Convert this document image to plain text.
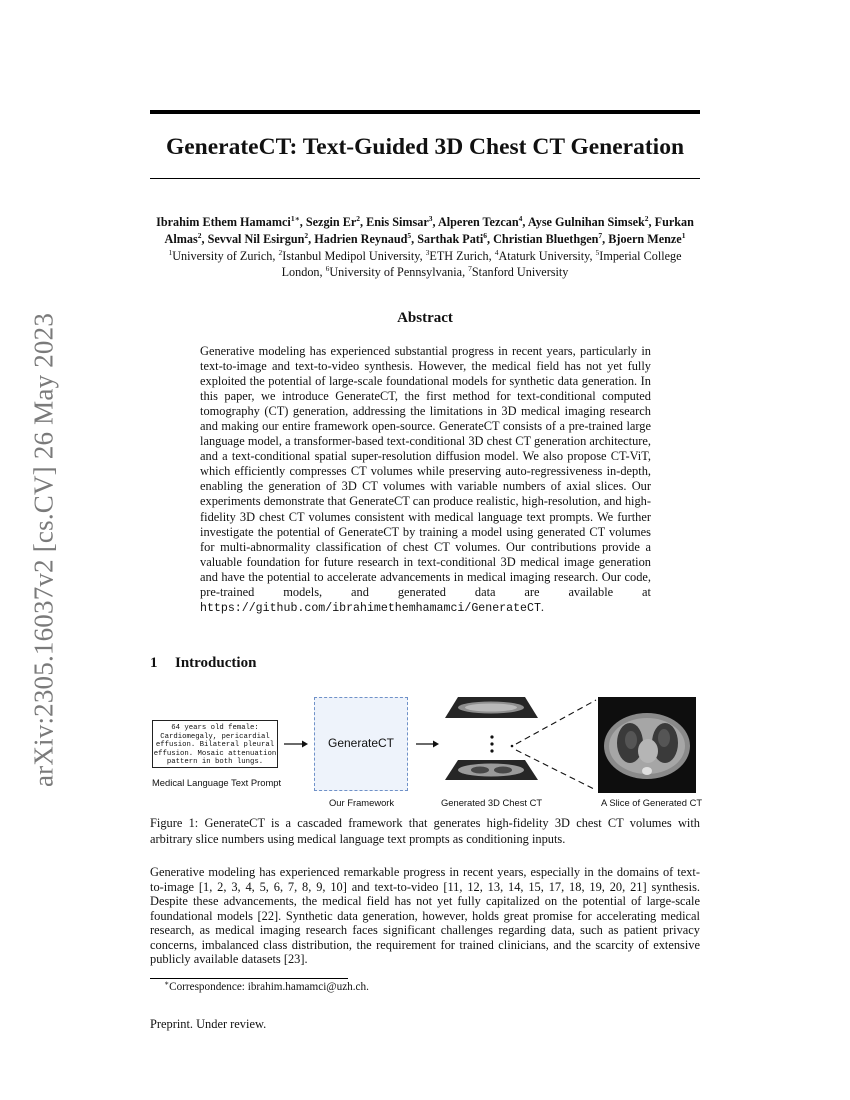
arXiv:2305.16037v2 [cs.CV] 26 May 2023
GenerateCT: Text-Guided 3D Chest CT Generation
Ibrahim Ethem Hamamci$^{1∗}$, Sezgin Er$^2$, Enis Simsar$^3$, Alperen Tezcan$^4$, Ayse Gulnihan Simsek$^2$, Furkan Almas$^2$, Sevval Nil Esirgun$^2$, Hadrien Reynaud$^5$, Sarthak Pati$^6$, Christian Bluethgen$^7$, Bjoern Menze$^1$
$^1$University of Zurich, $^2$Istanbul Medipol University, $^3$ETH Zurich, $^4$Ataturk University, $^5$Imperial College London, $^6$University of Pennsylvania, $^7$Stanford University
Abstract
Generative modeling has experienced substantial progress in recent years, particularly in text-to-image and text-to-video synthesis. However, the medical field has not yet fully exploited the potential of large-scale foundational models for synthetic data generation. In this paper, we introduce GenerateCT, the first method for text-conditional computed tomography (CT) generation, addressing the limitations in 3D medical imaging research and making our entire framework open-source. GenerateCT consists of a pre-trained large language model, a transformer-based text-conditional 3D chest CT generation architecture, and a text-conditional spatial super-resolution diffusion model. We also propose CT-ViT, which efficiently compresses CT volumes while preserving auto-regressiveness in-depth, enabling the generation of 3D CT volumes with variable numbers of axial slices. Our experiments demonstrate that GenerateCT can produce realistic, high-resolution, and high-fidelity 3D chest CT volumes consistent with medical language text prompts. We further investigate the potential of GenerateCT by training a model using generated CT volumes for multi-abnormality classification of chest CT volumes. Our contributions provide a valuable foundation for future research in text-conditional 3D medical image generation and have the potential to accelerate advancements in medical imaging research. Our code, pre-trained models, and generated data are available at https://github.com/ibrahimethemhamamci/GenerateCT.
1 Introduction
64 years old female: Cardiomegaly, pericardial effusion. Bilateral pleural effusion. Mosaic attenuation pattern in both lungs.
Medical Language Text Prompt
GenerateCT
Our Framework	Generated 3D Chest CT	A Slice of Generated CT
Figure 1: GenerateCT is a cascaded framework that generates high-fidelity 3D chest CT volumes with arbitrary slice numbers using medical language text prompts as conditioning inputs.
Generative modeling has experienced remarkable progress in recent years, especially in the domains of text-to-image [1, 2, 3, 4, 5, 6, 7, 8, 9, 10] and text-to-video [11, 12, 13, 14, 15, 17, 18, 19, 20, 21] synthesis. Despite these advancements, the medical field has not yet fully capitalized on the potential of large-scale foundational models [22]. Synthetic data generation, however, holds great promise for accelerating medical research, as medical imaging research faces significant challenges regarding data, such as patient privacy concerns, imbalanced class distribution, the requirement for trained clinicians, and the scarcity of extensive publicly available datasets [23].
∗Correspondence: ibrahim.hamamci@uzh.ch.
Preprint. Under review.
